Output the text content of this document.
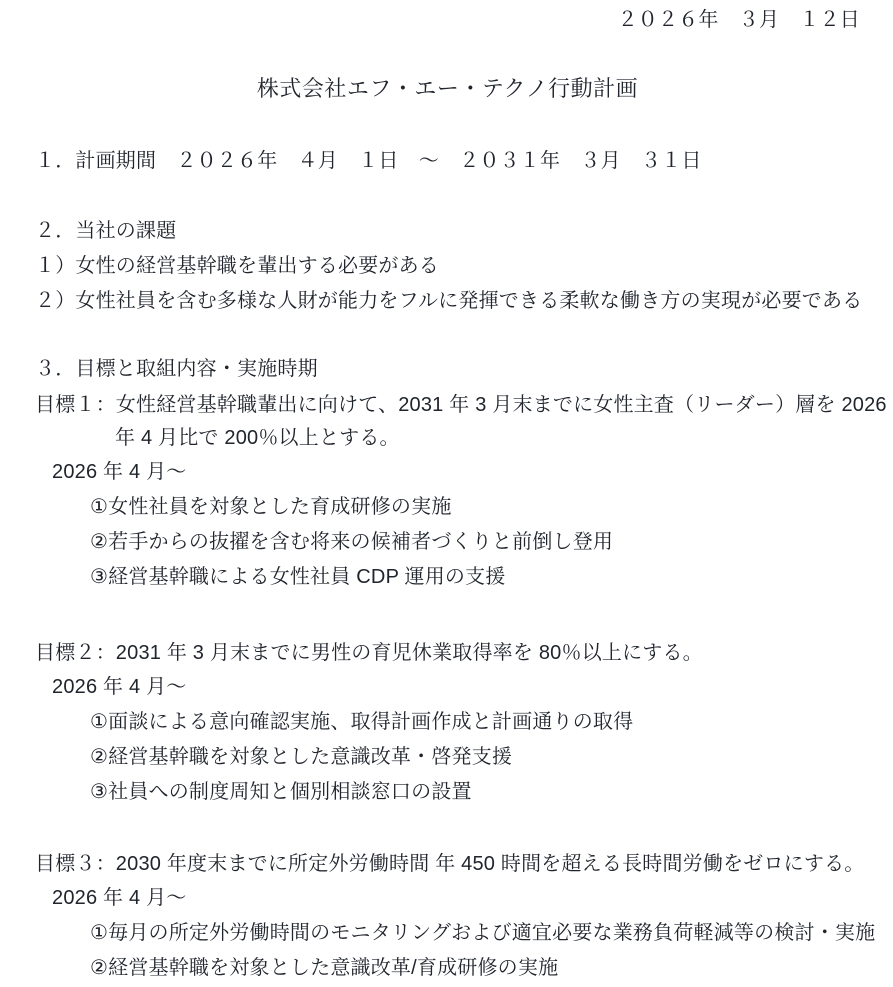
２０２６年　３月　１２日
株式会社エフ・エー・テクノ行動計画
１．計画期間　２０２６年　４月　１日　～　２０３１年　３月　３１日
２．当社の課題
１）女性の経営基幹職を輩出する必要がある
２）女性社員を含む多様な人財が能力をフルに発揮できる柔軟な働き方の実現が必要である
３．目標と取組内容・実施時期
目標１：女性経営基幹職輩出に向けて、2031 年 3 月末までに女性主査（リーダー）層を 2026
年 4 月比で 200％以上とする。
2026 年 4 月～
①女性社員を対象とした育成研修の実施
②若手からの抜擢を含む将来の候補者づくりと前倒し登用
③経営基幹職による女性社員 CDP 運用の支援
目標２：2031 年 3 月末までに男性の育児休業取得率を 80％以上にする。
2026 年 4 月～
①面談による意向確認実施、取得計画作成と計画通りの取得
②経営基幹職を対象とした意識改革・啓発支援
③社員への制度周知と個別相談窓口の設置
目標３：2030 年度末までに所定外労働時間 年 450 時間を超える長時間労働をゼロにする。
2026 年 4 月～
①毎月の所定外労働時間のモニタリングおよび適宜必要な業務負荷軽減等の検討・実施
②経営基幹職を対象とした意識改革/育成研修の実施
